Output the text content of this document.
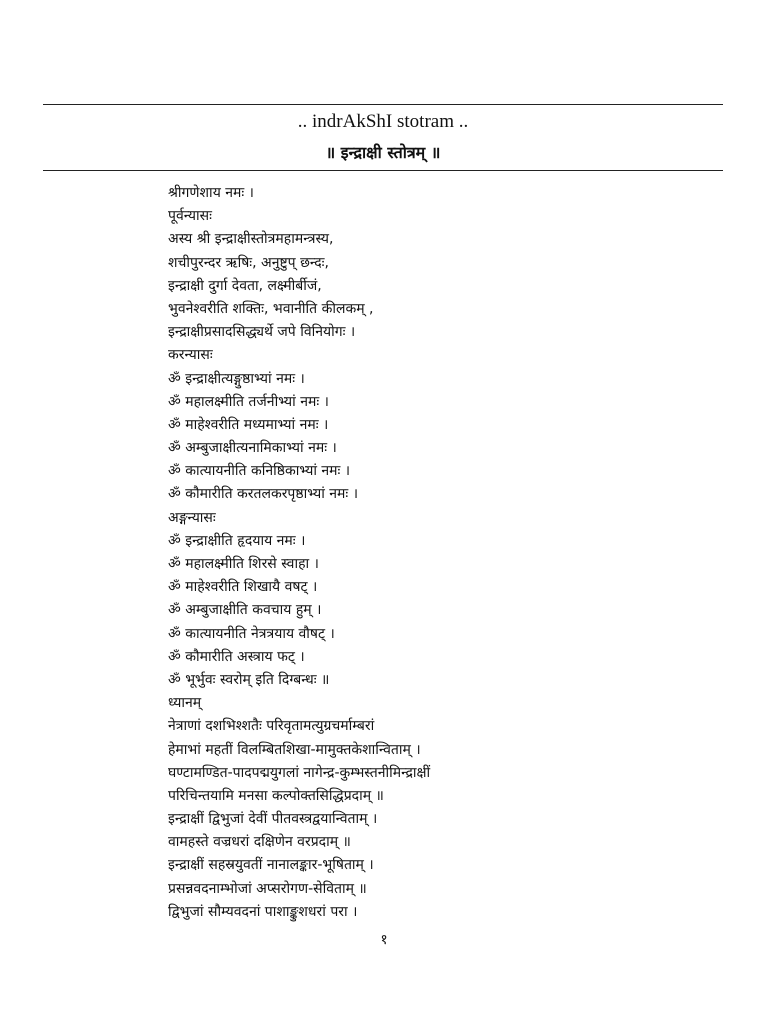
.. indrAkShI stotram ..
॥ इन्द्राक्षी स्तोत्रम् ॥
श्रीगणेशाय नमः ।
पूर्वन्यासः
अस्य श्री इन्द्राक्षीस्तोत्रमहामन्त्रस्य,
शचीपुरन्दर ऋषिः, अनुष्टुप् छन्दः,
इन्द्राक्षी दुर्गा देवता, लक्ष्मीर्बीजं,
भुवनेश्वरीति शक्तिः, भवानीति कीलकम् ,
इन्द्राक्षीप्रसादसिद्ध्यर्थे जपे विनियोगः ।
करन्यासः
ॐ इन्द्राक्षीत्यङ्गुष्ठाभ्यां नमः ।
ॐ महालक्ष्मीति तर्जनीभ्यां नमः ।
ॐ माहेश्वरीति मध्यमाभ्यां नमः ।
ॐ अम्बुजाक्षीत्यनामिकाभ्यां नमः ।
ॐ कात्यायनीति कनिष्ठिकाभ्यां नमः ।
ॐ कौमारीति करतलकरपृष्ठाभ्यां नमः ।
अङ्गन्यासः
ॐ इन्द्राक्षीति हृदयाय नमः ।
ॐ महालक्ष्मीति शिरसे स्वाहा ।
ॐ माहेश्वरीति शिखायै वषट् ।
ॐ अम्बुजाक्षीति कवचाय हुम् ।
ॐ कात्यायनीति नेत्रत्रयाय वौषट् ।
ॐ कौमारीति अस्त्राय फट् ।
ॐ भूर्भुवः स्वरोम् इति दिग्बन्धः ॥
ध्यानम्
नेत्राणां दशभिश्शतैः परिवृतामत्युग्रचर्माम्बरां
हेमाभां महतीं विलम्बितशिखा-मामुक्तकेशान्विताम् ।
घण्टामण्डित-पादपद्मयुगलां नागेन्द्र-कुम्भस्तनीमिन्द्राक्षीं
परिचिन्तयामि मनसा कल्पोक्तसिद्धिप्रदाम् ॥
इन्द्राक्षीं द्विभुजां देवीं पीतवस्त्रद्वयान्विताम् ।
वामहस्ते वज्रधरां दक्षिणेन वरप्रदाम् ॥
इन्द्राक्षीं सहस्रयुवतीं नानालङ्कार-भूषिताम् ।
प्रसन्नवदनाम्भोजां अप्सरोगण-सेविताम् ॥
द्विभुजां सौम्यवदनां पाशाङ्कुशधरां परा ।
१
